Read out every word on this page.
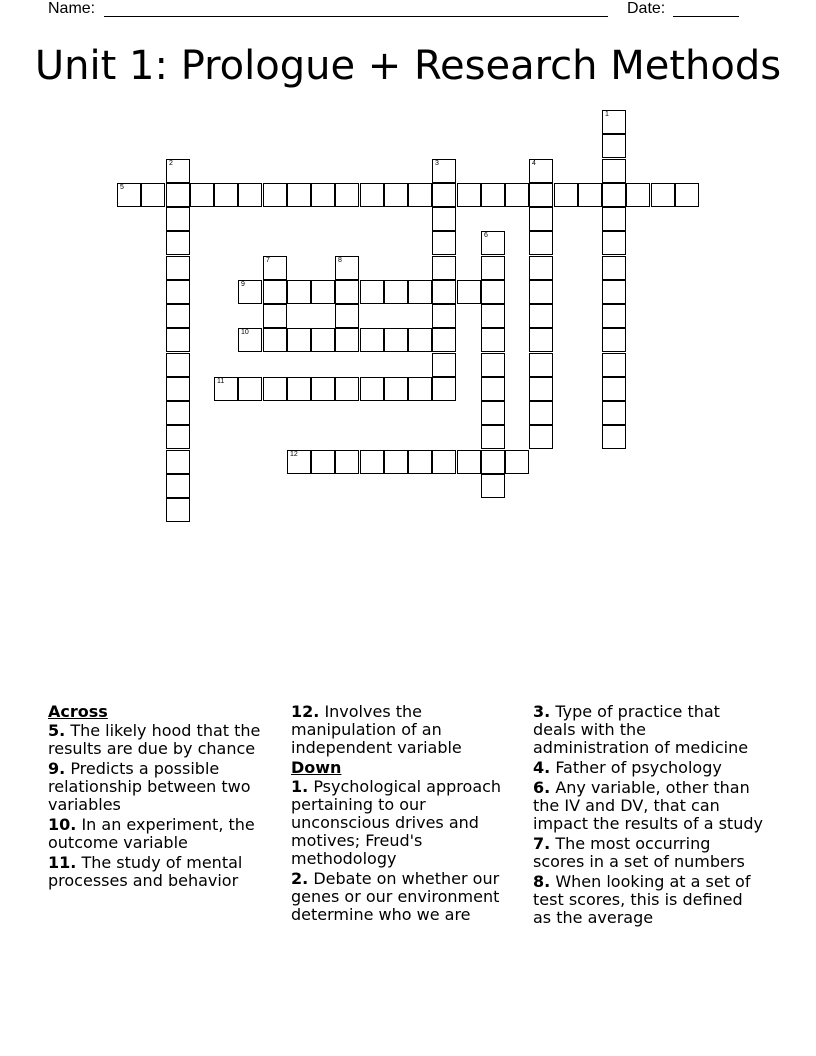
Name:	Date:
Unit 1: Prologue + Research Methods
1
2	3	4
5
6
7	8
9
10
11
12
Across
5. The likely hood that the results are due by chance
9. Predicts a possible relationship between two variables
10. In an experiment, the outcome variable
11. The study of mental processes and behavior
12. Involves the manipulation of an independent variable
Down
1. Psychological approach pertaining to our unconscious drives and motives; Freud's methodology
2. Debate on whether our genes or our environment determine who we are
3. Type of practice that deals with the administration of medicine
4. Father of psychology
6. Any variable, other than the IV and DV, that can impact the results of a study
7. The most occurring scores in a set of numbers
8. When looking at a set of test scores, this is defined as the average
